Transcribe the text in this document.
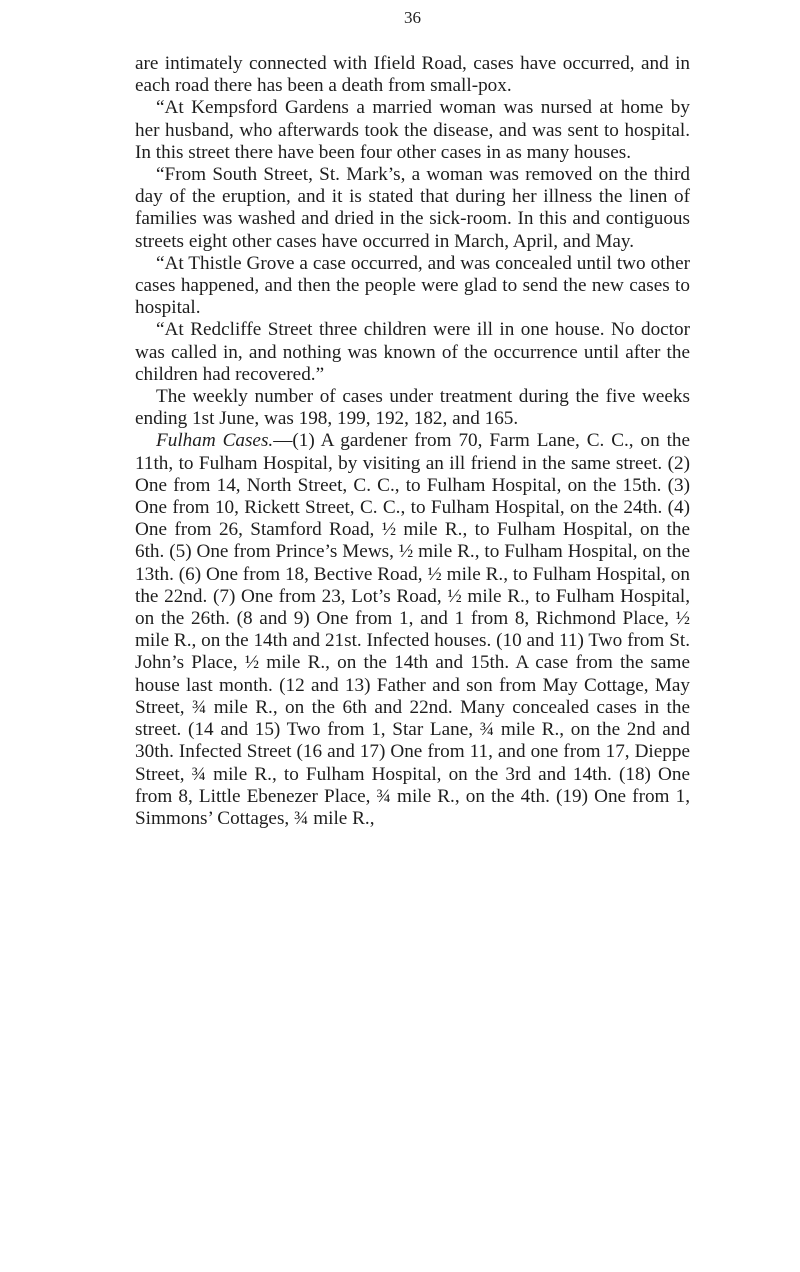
36

are intimately connected with Ifield Road, cases have occurred, and in each road there has been a death from small-pox.

“At Kempsford Gardens a married woman was nursed at home by her husband, who afterwards took the disease, and was sent to hospital. In this street there have been four other cases in as many houses.

“From South Street, St. Mark’s, a woman was removed on the third day of the eruption, and it is stated that during her illness the linen of families was washed and dried in the sick-room. In this and contiguous streets eight other cases have occurred in March, April, and May.

“At Thistle Grove a case occurred, and was concealed until two other cases happened, and then the people were glad to send the new cases to hospital.

“At Redcliffe Street three children were ill in one house. No doctor was called in, and nothing was known of the occurrence until after the children had recovered.”

The weekly number of cases under treatment during the five weeks ending 1st June, was 198, 199, 192, 182, and 165.

Fulham Cases.—(1) A gardener from 70, Farm Lane, C. C., on the 11th, to Fulham Hospital, by visiting an ill friend in the same street. (2) One from 14, North Street, C. C., to Fulham Hospital, on the 15th. (3) One from 10, Rickett Street, C. C., to Fulham Hospital, on the 24th. (4) One from 26, Stamford Road, ½ mile R., to Fulham Hospital, on the 6th. (5) One from Prince’s Mews, ½ mile R., to Fulham Hospital, on the 13th. (6) One from 18, Bective Road, ½ mile R., to Fulham Hospital, on the 22nd. (7) One from 23, Lot’s Road, ½ mile R., to Fulham Hospital, on the 26th. (8 and 9) One from 1, and 1 from 8, Richmond Place, ½ mile R., on the 14th and 21st. Infected houses. (10 and 11) Two from St. John’s Place, ½ mile R., on the 14th and 15th. A case from the same house last month. (12 and 13) Father and son from May Cottage, May Street, ¾ mile R., on the 6th and 22nd. Many concealed cases in the street. (14 and 15) Two from 1, Star Lane, ¾ mile R., on the 2nd and 30th. Infected Street (16 and 17) One from 11, and one from 17, Dieppe Street, ¾ mile R., to Fulham Hospital, on the 3rd and 14th. (18) One from 8, Little Ebenezer Place, ¾ mile R., on the 4th. (19) One from 1, Simmons’ Cottages, ¾ mile R.,
